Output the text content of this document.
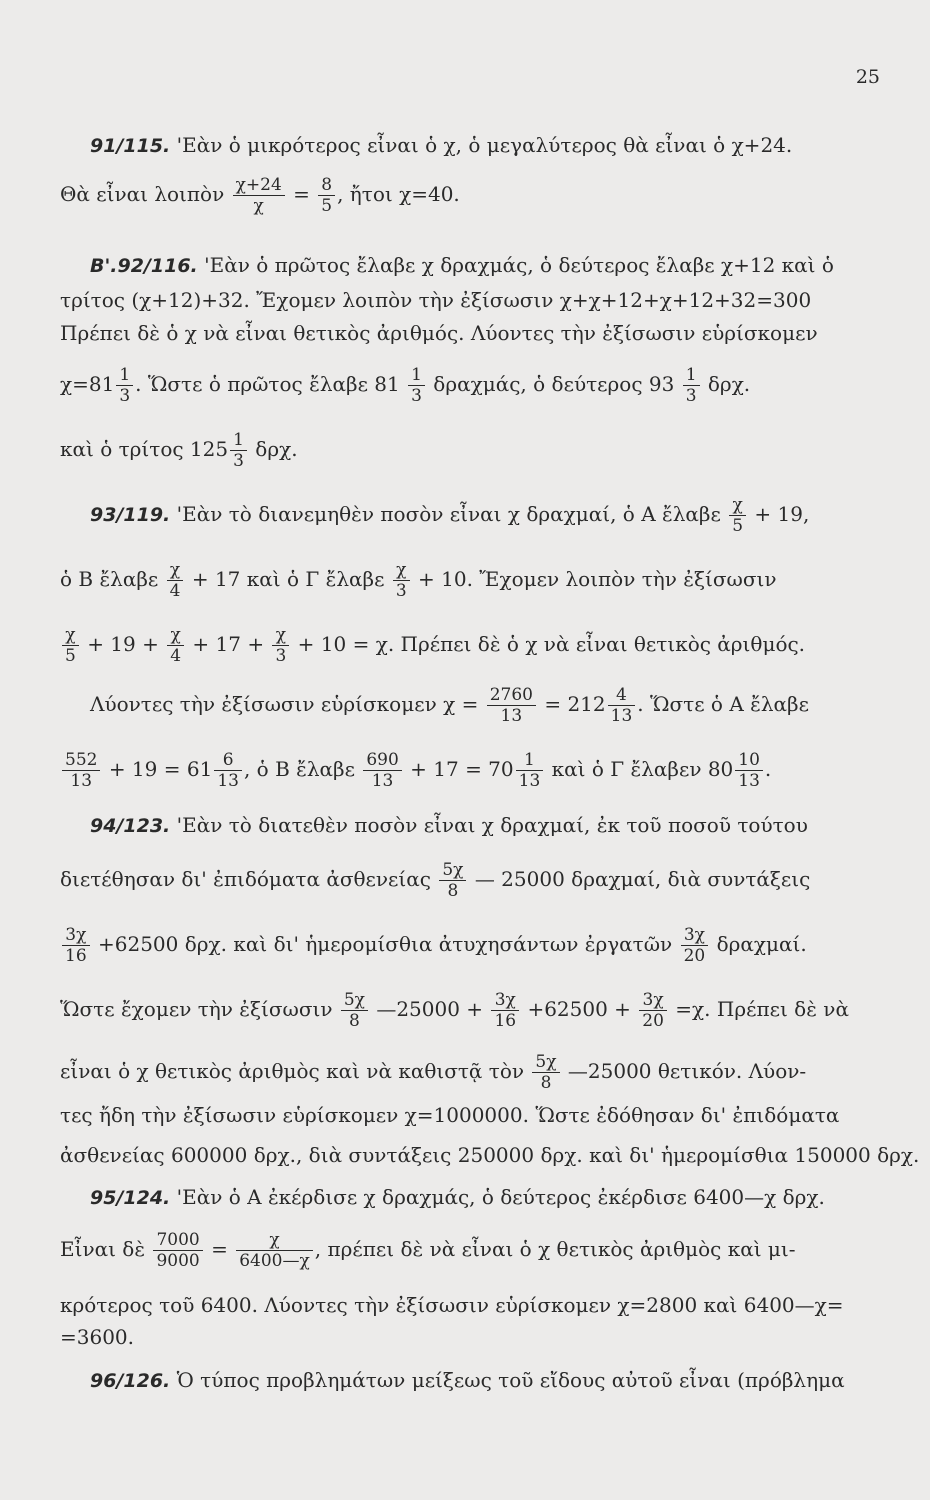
25
91/115. 'Εὰν ὁ μικρότερος εἶναι ὁ χ, ὁ μεγαλύτερος θὰ εἶναι ὁ χ+24.
Θὰ εἶναι λοιπὸν $\frac{\chi+24}{\chi} = \frac{8}{5}$ , ἤτοι χ=40.
Β'.92/116. 'Εὰν ὁ πρῶτος ἔλαβε χ δραχμάς, ὁ δεύτερος ἔλαβε χ+12 καὶ ὁ
τρίτος (χ+12)+32. Ἔχομεν λοιπὸν τὴν ἐξίσωσιν χ+χ+12+χ+12+32=300
Πρέπει δὲ ὁ χ νὰ εἶναι θετικὸς ἀριθμός. Λύοντες τὴν ἐξίσωσιν εὑρίσκομεν
$\chi=81 \frac{1}{3}$ . Ὥστε ὁ πρῶτος ἔλαβε $81 \frac{1}{3} \delta\rho\alpha\chi\mu ά\varsigma$, ὁ δεύτερος $93 \frac{1}{3} \delta\rho\chi$.
καὶ ὁ τρίτος $125 \frac{1}{3} \delta\rho\chi$.
93/119. 'Εὰν τὸ διανεμηθὲν ποσὸν εἶναι χ δραχμαί, ὁ Α ἔλαβε $\frac{\chi}{5} + 19$,
ὁ Β ἔλαβε $\frac{\chi}{4} + 17$ καὶ ὁ Γ ἔλαβε $\frac{\chi}{3} + 10$. Ἔχομεν λοιπὸν τὴν ἐξίσωσιν
$\frac{\chi}{5} + 19 + \frac{\chi}{4} + 17 + \frac{\chi}{3} + 10 = \chi$. Πρέπει δὲ ὁ χ νὰ εἶναι θετικὸς ἀριθμός.
Λύοντες τὴν ἐξίσωσιν εὑρίσκομεν $\chi = \frac{2760}{13} = 212 \frac{4}{13}$ . Ὥστε ὁ Α ἔλαβε
$\frac{552}{13} + 19 = 61 \frac{6}{13}$ , ὁ Β ἔλαβε $\frac{690}{13} + 17 = 70 \frac{1}{13}$ καὶ ὁ Γ ἔλαβεν $80 \frac{10}{13}$ .
94/123. 'Εὰν τὸ διατεθὲν ποσὸν εἶναι χ δραχμαί, ἐκ τοῦ ποσοῦ τούτου
διετέθησαν δι' ἐπιδόματα ἀσθενείας $\frac{5\chi}{8}$ — 25000 δραχμαί, διὰ συντάξεις
$\frac{3\chi}{16} +62500$ δρχ. καὶ δι' ἡμερομίσθια ἀτυχησάντων ἐργατῶν $\frac{3\chi}{20} \delta\rho\alpha\chi\mu\alpha ί$.
Ὥστε ἔχομεν τὴν ἐξίσωσιν $\frac{5\chi}{8}$ —25000 + $\frac{3\chi}{16} +62500 + \frac{3\chi}{20} =\chi$. Πρέπει δὲ νὰ
εἶναι ὁ χ θετικὸς ἀριθμὸς καὶ νὰ καθιστᾷ τὸν $\frac{5\chi}{8}$ —25000 θετικόν. Λύον-
τες ἤδη τὴν ἐξίσωσιν εὑρίσκομεν χ=1000000. Ὥστε ἐδόθησαν δι' ἐπιδόματα
ἀσθενείας 600000 δρχ., διὰ συντάξεις 250000 δρχ. καὶ δι' ἡμερομίσθια 150000 δρχ.
95/124. 'Εὰν ὁ Α ἐκέρδισε χ δραχμάς, ὁ δεύτερος ἐκέρδισε 6400—χ δρχ.
Εἶναι δὲ $\frac{7000}{9000} = \frac{\chi}{6400—\chi}$ , πρέπει δὲ νὰ εἶναι ὁ χ θετικὸς ἀριθμὸς καὶ μι-
κρότερος τοῦ 6400. Λύοντες τὴν ἐξίσωσιν εὑρίσκομεν χ=2800 καὶ 6400—χ=
=3600.
96/126. Ὁ τύπος προβλημάτων μείξεως τοῦ εἴδους αὐτοῦ εἶναι (πρόβλημα
